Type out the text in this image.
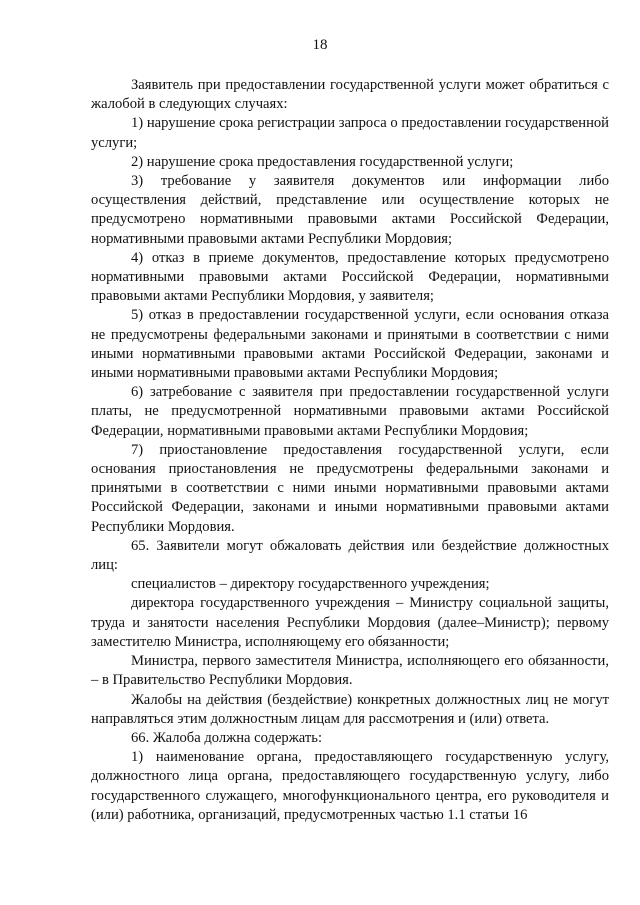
18

Заявитель при предоставлении государственной услуги может обратиться с жалобой в следующих случаях:

1) нарушение срока регистрации запроса о предоставлении государственной услуги;

2) нарушение срока предоставления государственной услуги;

3) требование у заявителя документов или информации либо осуществления действий, представление или осуществление которых не предусмотрено нормативными правовыми актами Российской Федерации, нормативными правовыми актами Республики Мордовия;

4) отказ в приеме документов, предоставление которых предусмотрено нормативными правовыми актами Российской Федерации, нормативными правовыми актами Республики Мордовия, у заявителя;

5) отказ в предоставлении государственной услуги, если основания отказа не предусмотрены федеральными законами и принятыми в соответствии с ними иными нормативными правовыми актами Российской Федерации, законами и иными нормативными правовыми актами Республики Мордовия;

6) затребование с заявителя при предоставлении государственной услуги платы, не предусмотренной нормативными правовыми актами Российской Федерации, нормативными правовыми актами Республики Мордовия;

7) приостановление предоставления государственной услуги, если основания приостановления не предусмотрены федеральными законами и принятыми в соответствии с ними иными нормативными правовыми актами Российской Федерации, законами и иными нормативными правовыми актами Республики Мордовия.

65. Заявители могут обжаловать действия или бездействие должностных лиц:

специалистов – директору государственного учреждения;

директора государственного учреждения – Министру социальной защиты, труда и занятости населения Республики Мордовия (далее–Министр); первому заместителю Министра, исполняющему его обязанности;

Министра, первого заместителя Министра, исполняющего его обязанности, – в Правительство Республики Мордовия.

Жалобы на действия (бездействие) конкретных должностных лиц не могут направляться этим должностным лицам для рассмотрения и (или) ответа.

66. Жалоба должна содержать:

1) наименование органа, предоставляющего государственную услугу, должностного лица органа, предоставляющего государственную услугу, либо государственного служащего, многофункционального центра, его руководителя и (или) работника, организаций, предусмотренных частью 1.1 статьи 16
